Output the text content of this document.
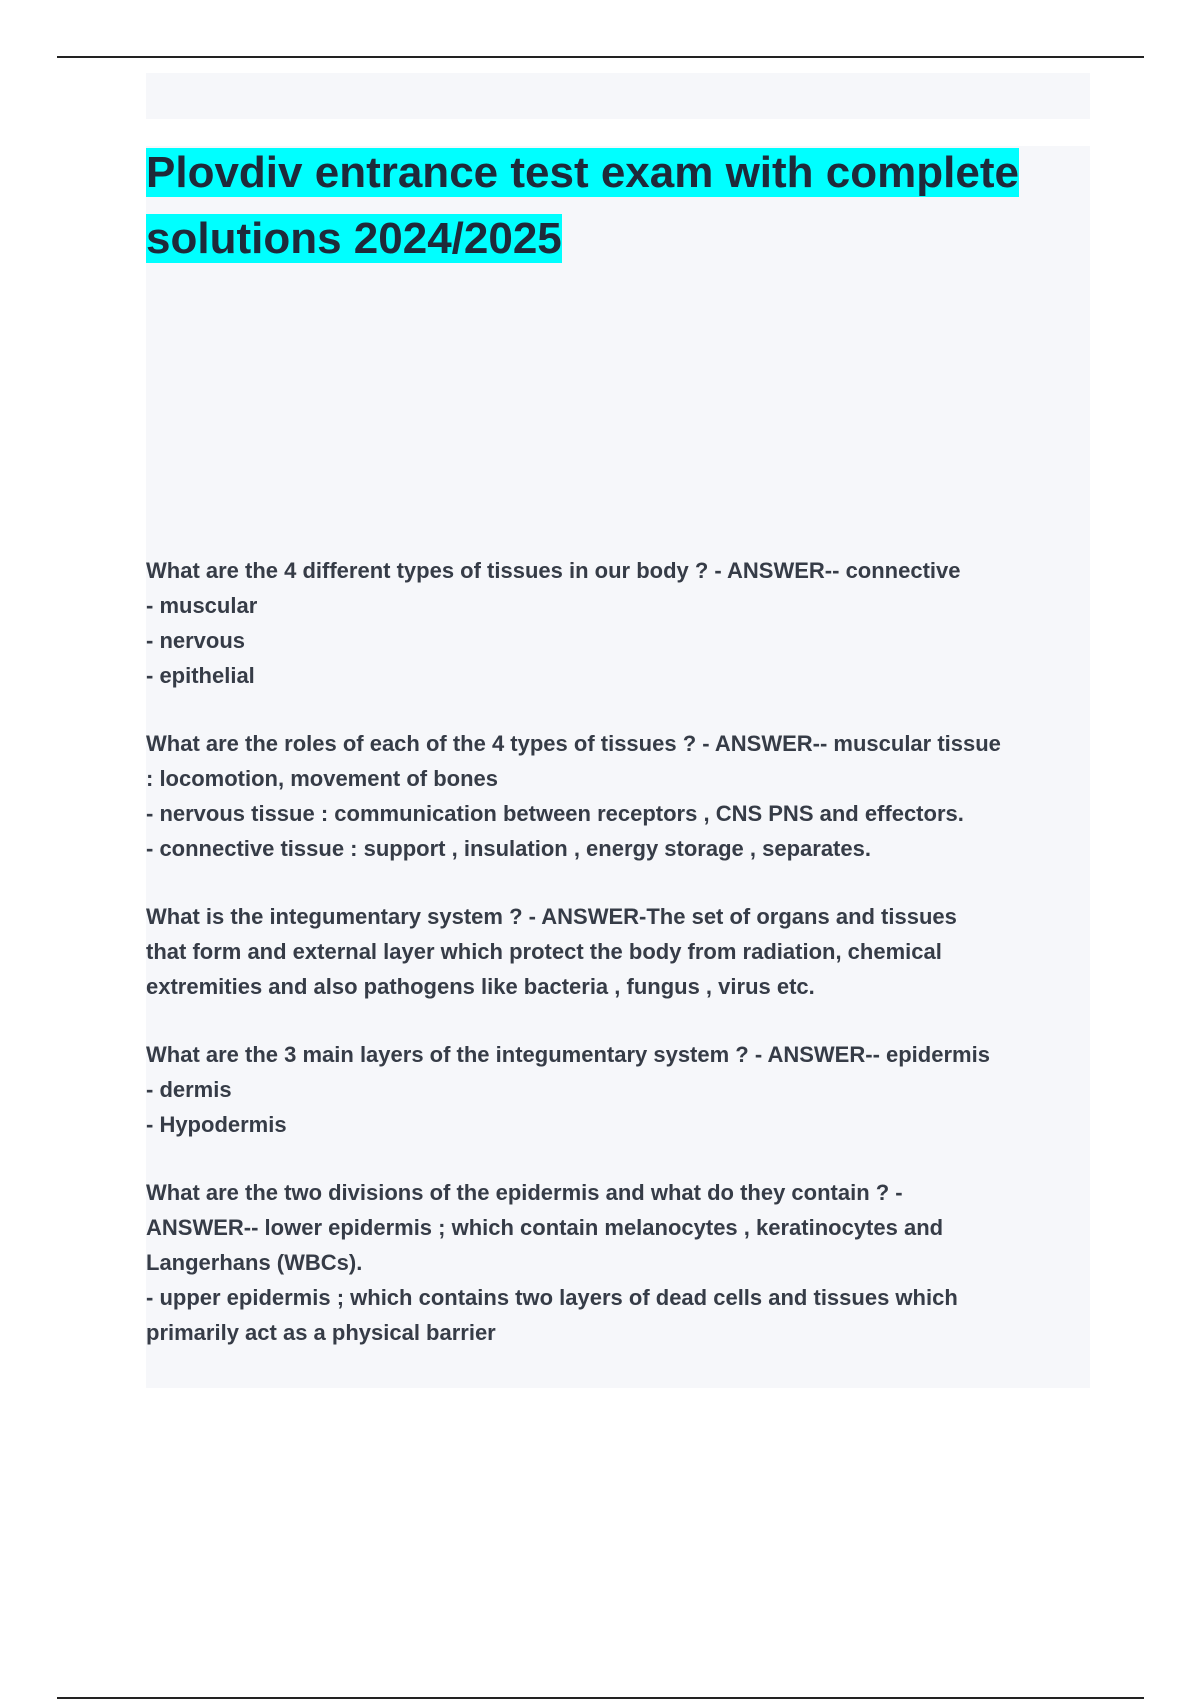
Plovdiv entrance test exam with complete solutions 2024/2025

What are the 4 different types of tissues in our body ? - ANSWER-- connective
- muscular
- nervous
- epithelial

What are the roles of each of the 4 types of tissues ? - ANSWER-- muscular tissue
: locomotion, movement of bones
- nervous tissue : communication between receptors , CNS PNS and effectors.
- connective tissue : support , insulation , energy storage , separates.

What is the integumentary system ? - ANSWER-The set of organs and tissues
that form and external layer which protect the body from radiation, chemical
extremities and also pathogens like bacteria , fungus , virus etc.

What are the 3 main layers of the integumentary system ? - ANSWER-- epidermis
- dermis
- Hypodermis

What are the two divisions of the epidermis and what do they contain ? -
ANSWER-- lower epidermis ; which contain melanocytes , keratinocytes and
Langerhans (WBCs).
- upper epidermis ; which contains two layers of dead cells and tissues which
primarily act as a physical barrier
